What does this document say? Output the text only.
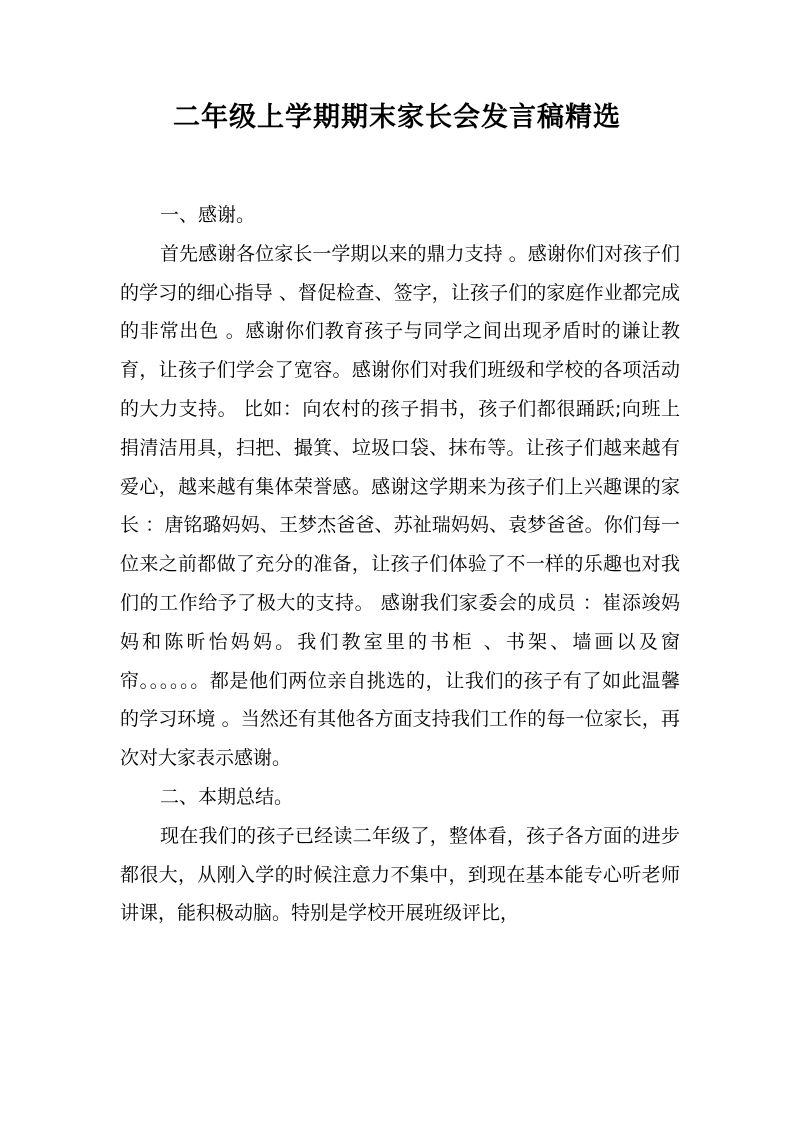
二年级上学期期末家长会发言稿精选

一、感谢。

首先感谢各位家长一学期以来的鼎力支持 。感谢你们对孩子们的学习的细心指导 、督促检查、签字，让孩子们的家庭作业都完成的非常出色 。感谢你们教育孩子与同学之间出现矛盾时的谦让教育，让孩子们学会了宽容。感谢你们对我们班级和学校的各项活动的大力支持。 比如：向农村的孩子捐书，孩子们都很踊跃;向班上捐清洁用具，扫把、撮箕、垃圾口袋、抹布等。让孩子们越来越有爱心，越来越有集体荣誉感。感谢这学期来为孩子们上兴趣课的家长 ：唐铭璐妈妈、王梦杰爸爸、苏祉瑞妈妈、袁梦爸爸。你们每一位来之前都做了充分的准备，让孩子们体验了不一样的乐趣也对我们的工作给予了极大的支持。 感谢我们家委会的成员 ：崔添竣妈妈和陈昕怡妈妈。我们教室里的书柜 、书架、墙画以及窗帘。。。。。。都是他们两位亲自挑选的，让我们的孩子有了如此温馨的学习环境 。当然还有其他各方面支持我们工作的每一位家长，再次对大家表示感谢。

二、本期总结。

现在我们的孩子已经读二年级了，整体看，孩子各方面的进步都很大，从刚入学的时候注意力不集中，到现在基本能专心听老师讲课，能积极动脑。特别是学校开展班级评比，
